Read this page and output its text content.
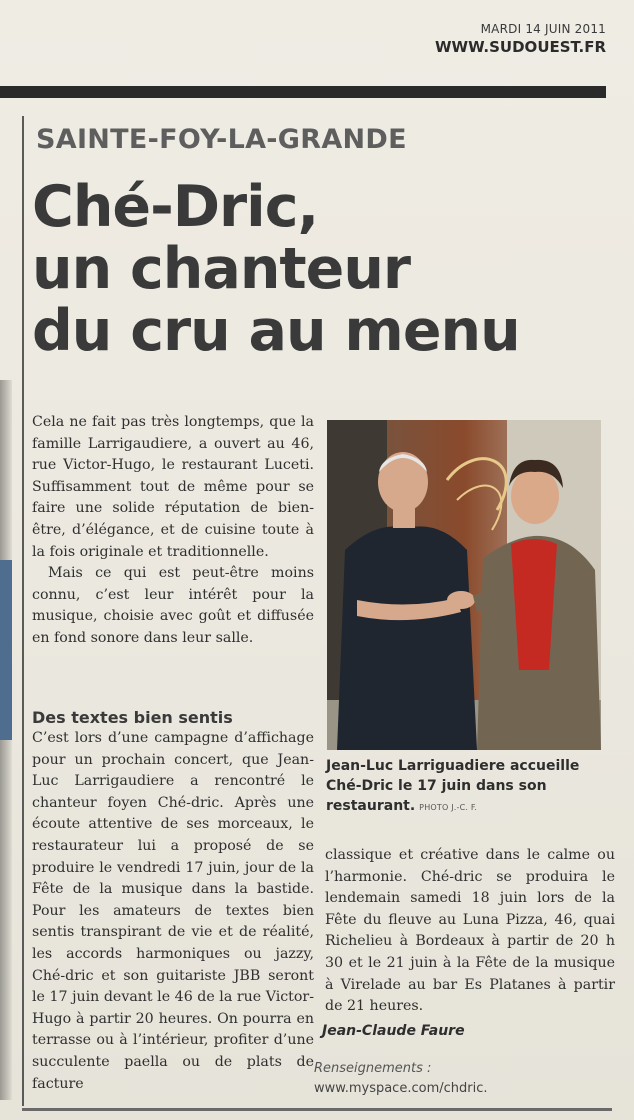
MARDI 14 JUIN 2011
WWW.SUDOUEST.FR
SAINTE-FOY-LA-GRANDE
Ché-Dric,
un chanteur
du cru au menu

Cela ne fait pas très longtemps, que la famille Larrigaudiere, a ouvert au 46, rue Victor-Hugo, le restaurant Luceti. Suffisamment tout de même pour se faire une solide réputation de bien-être, d’élégance, et de cuisine toute à la fois originale et traditionnelle.

Mais ce qui est peut-être moins connu, c’est leur intérêt pour la musique, choisie avec goût et diffusée en fond sonore dans leur salle.

Des textes bien sentis

C’est lors d’une campagne d’affichage pour un prochain concert, que Jean-Luc Larrigaudiere a rencontré le chanteur foyen Ché-dric. Après une écoute attentive de ses morceaux, le restaurateur lui a proposé de se produire le vendredi 17 juin, jour de la Fête de la musique dans la bastide. Pour les amateurs de textes bien sentis transpirant de vie et de réalité, les accords harmoniques ou jazzy, Ché-dric et son guitariste JBB seront le 17 juin devant le 46 de la rue Victor-Hugo à partir 20 heures. On pourra en terrasse ou à l’intérieur, profiter d’une succulente paella ou de plats de facture

Jean-Luc Larriguadiere accueille Ché-Dric le 17 juin dans son restaurant. PHOTO J.-C. F.

classique et créative dans le calme ou l’harmonie. Ché-dric se produira le lendemain samedi 18 juin lors de la Fête du fleuve au Luna Pizza, 46, quai Richelieu à Bordeaux à partir de 20 h 30 et le 21 juin à la Fête de la musique à Virelade au bar Es Platanes à partir de 21 heures.

Jean-Claude Faure
Renseignements :
www.myspace.com/chdric.
